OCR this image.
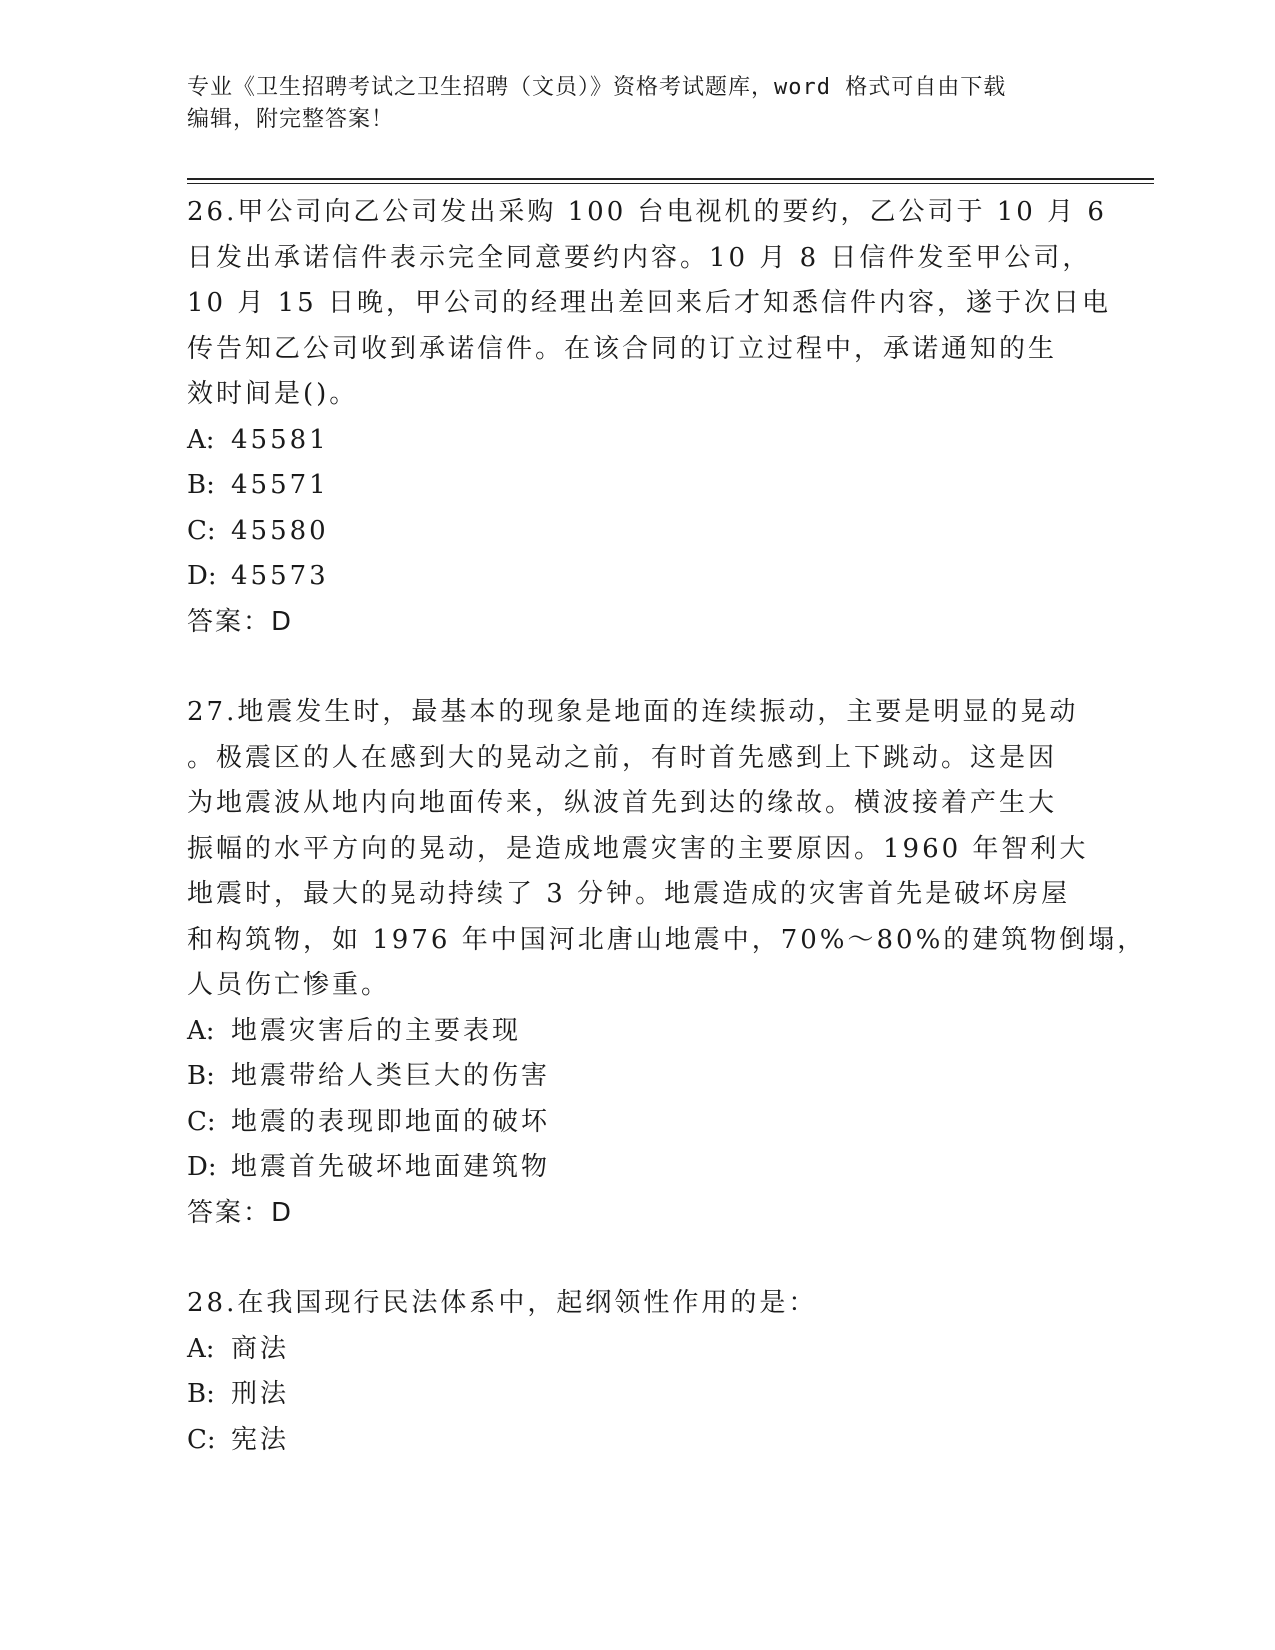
专业《卫生招聘考试之卫生招聘（文员）》资格考试题库，word 格式可自由下载
编辑，附完整答案！
26.甲公司向乙公司发出采购 100 台电视机的要约，乙公司于 10 月 6
日发出承诺信件表示完全同意要约内容。10 月 8 日信件发至甲公司，
10 月 15 日晚，甲公司的经理出差回来后才知悉信件内容，遂于次日电
传告知乙公司收到承诺信件。在该合同的订立过程中，承诺通知的生
效时间是()。
A: 45581
B: 45571
C: 45580
D: 45573
答案：D
27.地震发生时，最基本的现象是地面的连续振动，主要是明显的晃动
。极震区的人在感到大的晃动之前，有时首先感到上下跳动。这是因
为地震波从地内向地面传来，纵波首先到达的缘故。横波接着产生大
振幅的水平方向的晃动，是造成地震灾害的主要原因。1960 年智利大
地震时，最大的晃动持续了 3 分钟。地震造成的灾害首先是破坏房屋
和构筑物，如 1976 年中国河北唐山地震中，70%～80%的建筑物倒塌，
人员伤亡惨重。
A: 地震灾害后的主要表现
B: 地震带给人类巨大的伤害
C: 地震的表现即地面的破坏
D: 地震首先破坏地面建筑物
答案：D
28.在我国现行民法体系中，起纲领性作用的是：
A: 商法
B: 刑法
C: 宪法
